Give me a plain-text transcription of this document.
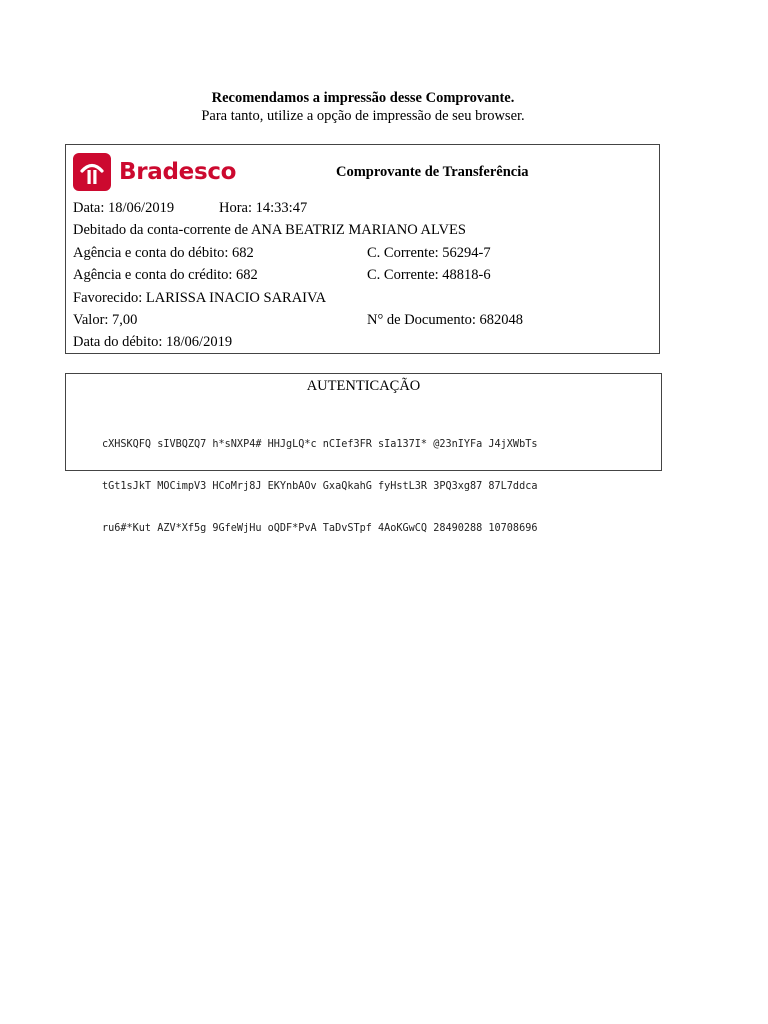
Recomendamos a impressão desse Comprovante.
Para tanto, utilize a opção de impressão de seu browser.
Bradesco	Comprovante de Transferência
Data: 18/06/2019	Hora: 14:33:47
Debitado da conta-corrente de ANA BEATRIZ MARIANO ALVES
Agência e conta do débito: 682	C. Corrente: 56294-7
Agência e conta do crédito: 682	C. Corrente: 48818-6
Favorecido: LARISSA INACIO SARAIVA
Valor: 7,00	N° de Documento: 682048
Data do débito: 18/06/2019
AUTENTICAÇÃO

cXHSKQFQ sIVBQZQ7 h*sNXP4# HHJgLQ*c nCIef3FR sIa137I* @23nIYFa J4jXWbTs

tGt1sJkT MOCimpV3 HCoMrj8J EKYnbAOv GxaQkahG fyHstL3R 3PQ3xg87 87L7ddca

ru6#*Kut AZV*Xf5g 9GfeWjHu oQDF*PvA TaDvSTpf 4AoKGwCQ 28490288 10708696
